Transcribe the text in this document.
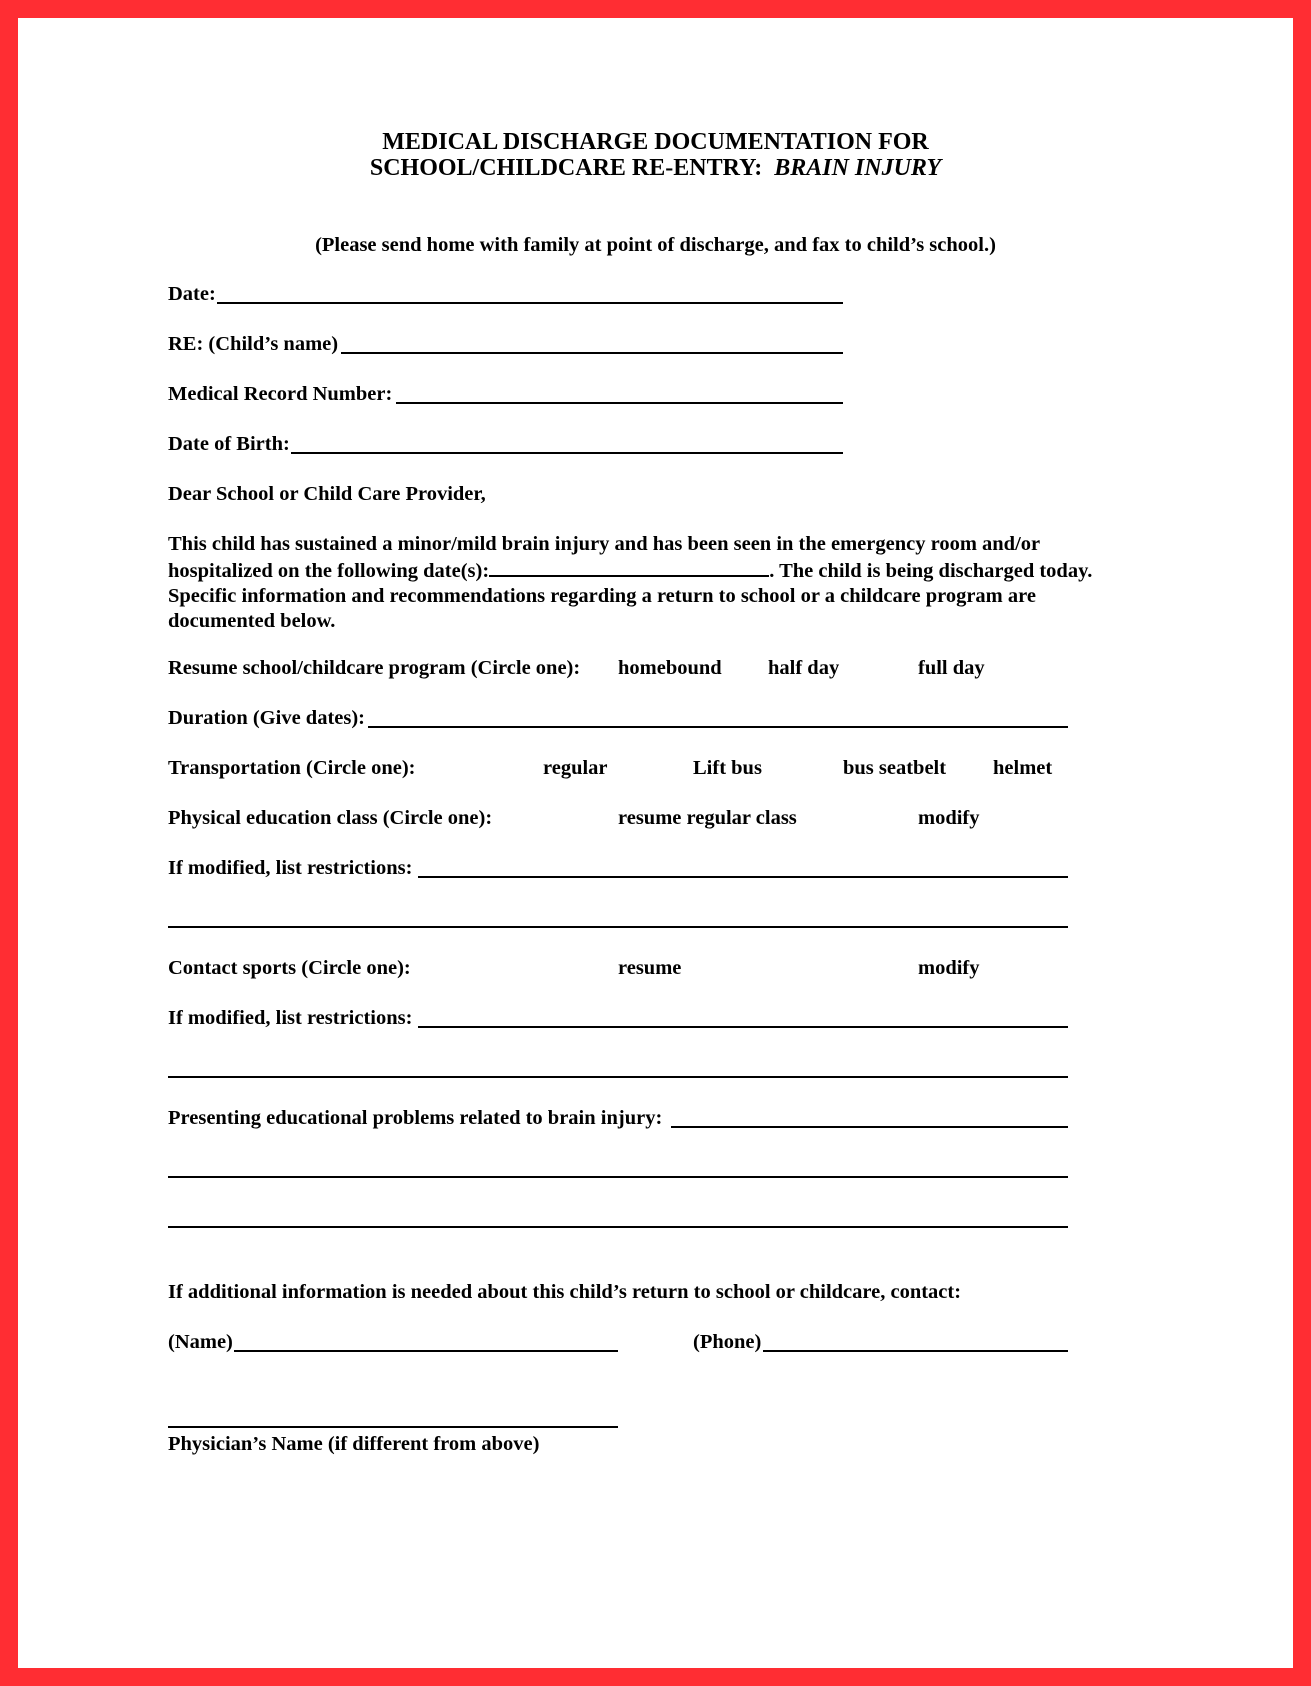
MEDICAL DISCHARGE DOCUMENTATION FOR
SCHOOL/CHILDCARE RE-ENTRY: BRAIN INJURY
(Please send home with family at point of discharge, and fax to child’s school.)
Date:
RE: (Child’s name)
Medical Record Number:
Date of Birth:
Dear School or Child Care Provider,
This child has sustained a minor/mild brain injury and has been seen in the emergency room and/or hospitalized on the following date(s):	. The child is being discharged today. Specific information and recommendations regarding a return to school or a childcare program are documented below.
Resume school/childcare program (Circle one): homebound half day	full day
Duration (Give dates):
Transportation (Circle one):	regular	Lift bus	bus seatbelt helmet
Physical education class (Circle one):	resume regular class	modify
If modified, list restrictions:
Contact sports (Circle one):	resume	modify
If modified, list restrictions:
Presenting educational problems related to brain injury:
If additional information is needed about this child’s return to school or childcare, contact:
(Name)	(Phone)
Physician’s Name (if different from above)
